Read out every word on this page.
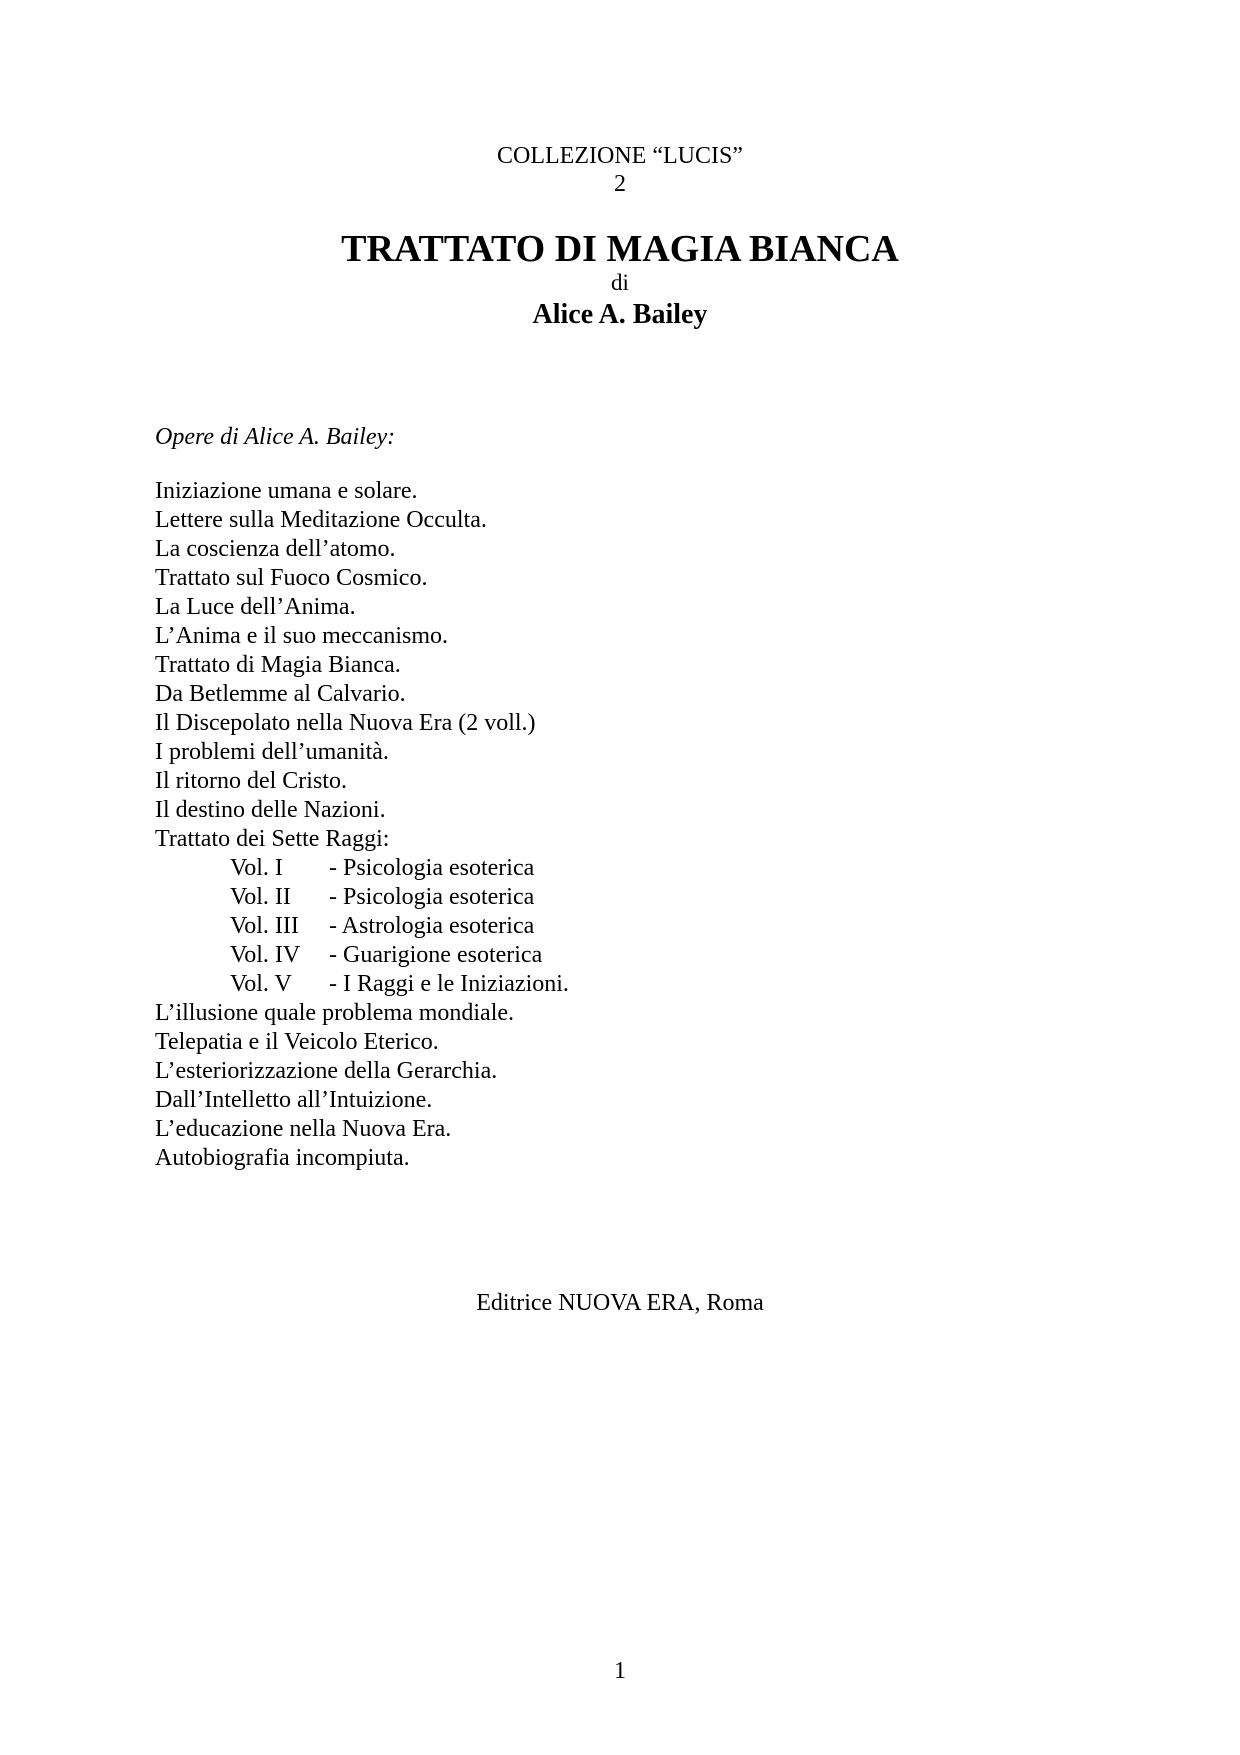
COLLEZIONE “LUCIS”
2
TRATTATO DI MAGIA BIANCA
di
Alice A. Bailey
Opere di Alice A. Bailey:
Iniziazione umana e solare.
Lettere sulla Meditazione Occulta.
La coscienza dell’atomo.
Trattato sul Fuoco Cosmico.
La Luce dell’Anima.
L’Anima e il suo meccanismo.
Trattato di Magia Bianca.
Da Betlemme al Calvario.
Il Discepolato nella Nuova Era (2 voll.)
I problemi dell’umanità.
Il ritorno del Cristo.
Il destino delle Nazioni.
Trattato dei Sette Raggi:
Vol. I - Psicologia esoterica
Vol. II - Psicologia esoterica
Vol. III - Astrologia esoterica
Vol. IV - Guarigione esoterica
Vol. V - I Raggi e le Iniziazioni.
L’illusione quale problema mondiale.
Telepatia e il Veicolo Eterico.
L’esteriorizzazione della Gerarchia.
Dall’Intelletto all’Intuizione.
L’educazione nella Nuova Era.
Autobiografia incompiuta.
Editrice NUOVA ERA, Roma
1
